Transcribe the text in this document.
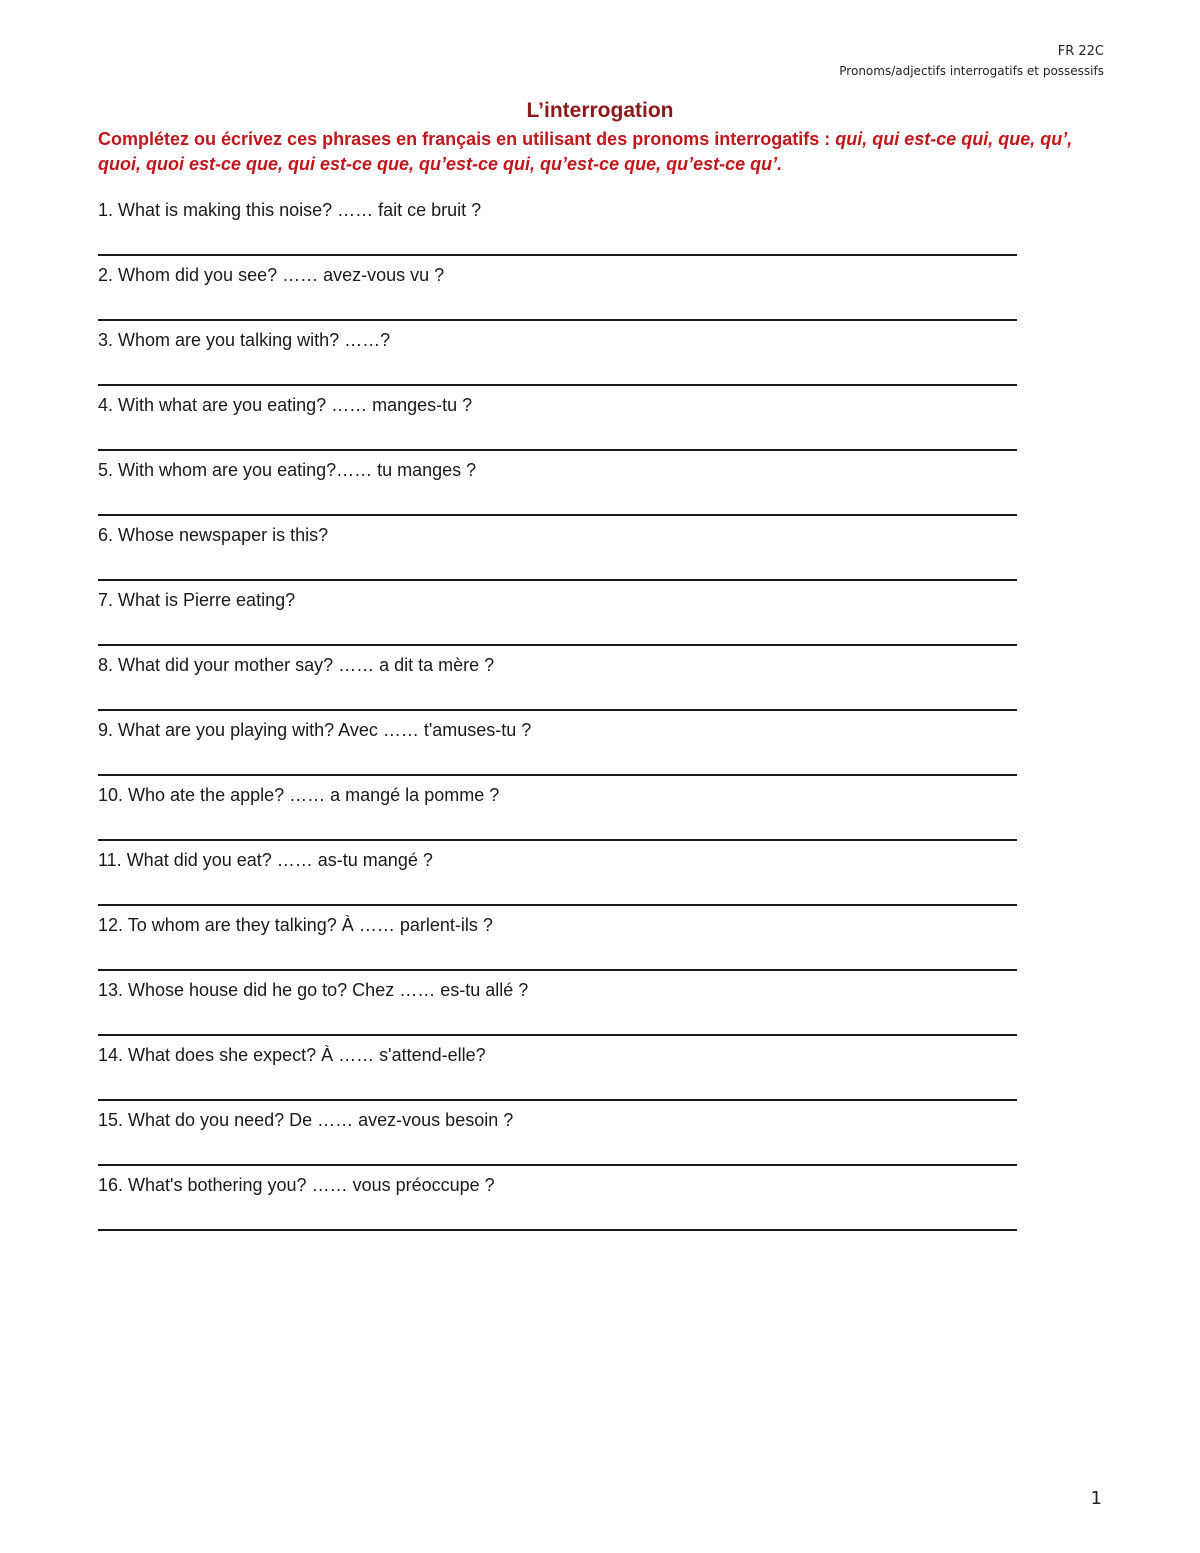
FR 22C
Pronoms/adjectifs interrogatifs et possessifs
L’interrogation
Complétez ou écrivez ces phrases en français en utilisant des pronoms interrogatifs : qui, qui est-ce qui, que, qu’, quoi, quoi est-ce que, qui est-ce que, qu’est-ce qui, qu’est-ce que, qu’est-ce qu’.
1. What is making this noise? …… fait ce bruit ?
2. Whom did you see? …… avez-vous vu ?
3. Whom are you talking with? ……?
4. With what are you eating? …… manges-tu ?
5. With whom are you eating?…… tu manges ?
6. Whose newspaper is this?
7. What is Pierre eating?
8. What did your mother say? …… a dit ta mère ?
9. What are you playing with? Avec …… t'amuses-tu ?
10. Who ate the apple? …… a mangé la pomme ?
11. What did you eat? …… as-tu mangé ?
12. To whom are they talking? À …… parlent-ils ?
13. Whose house did he go to? Chez …… es-tu allé ?
14. What does she expect? À …… s'attend-elle?
15. What do you need? De …… avez-vous besoin ?
16. What's bothering you? …… vous préoccupe ?
1
